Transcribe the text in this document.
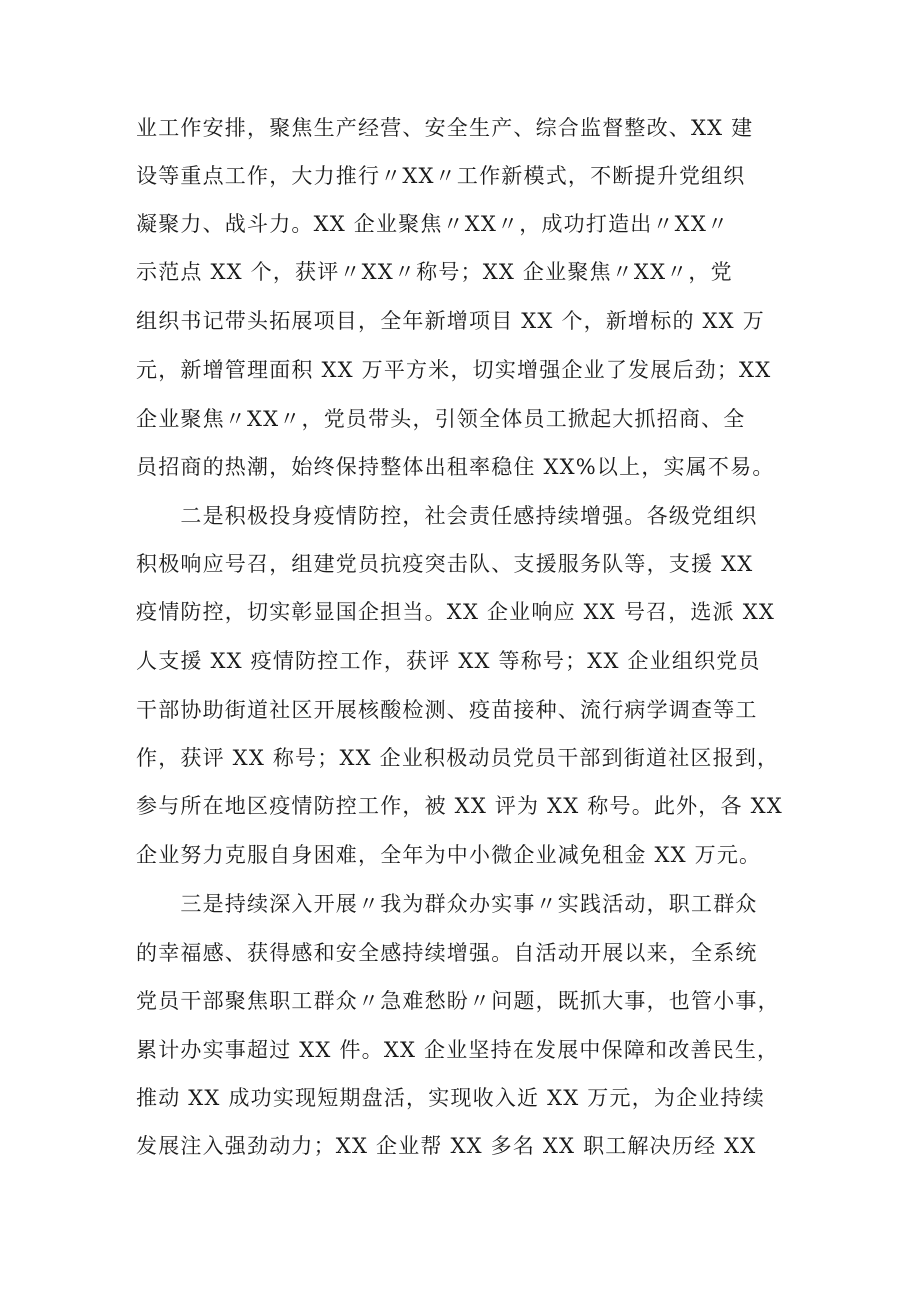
业工作安排，聚焦生产经营、安全生产、综合监督整改、XX 建
设等重点工作，大力推行〃XX〃工作新模式，不断提升党组织
凝聚力、战斗力。XX 企业聚焦〃XX〃，成功打造出〃XX〃
示范点 XX 个，获评〃XX〃称号；XX 企业聚焦〃XX〃，党
组织书记带头拓展项目，全年新增项目 XX 个，新增标的 XX 万
元，新增管理面积 XX 万平方米，切实增强企业了发展后劲；XX
企业聚焦〃XX〃，党员带头，引领全体员工掀起大抓招商、全
员招商的热潮，始终保持整体出租率稳住 XX%以上，实属不易。
　　二是积极投身疫情防控，社会责任感持续增强。各级党组织
积极响应号召，组建党员抗疫突击队、支援服务队等，支援 XX
疫情防控，切实彰显国企担当。XX 企业响应 XX 号召，选派 XX
人支援 XX 疫情防控工作，获评 XX 等称号；XX 企业组织党员
干部协助街道社区开展核酸检测、疫苗接种、流行病学调查等工
作，获评 XX 称号；XX 企业积极动员党员干部到街道社区报到，
参与所在地区疫情防控工作，被 XX 评为 XX 称号。此外，各 XX
企业努力克服自身困难，全年为中小微企业减免租金 XX 万元。
　　三是持续深入开展〃我为群众办实事〃实践活动，职工群众
的幸福感、获得感和安全感持续增强。自活动开展以来，全系统
党员干部聚焦职工群众〃急难愁盼〃问题，既抓大事，也管小事，
累计办实事超过 XX 件。XX 企业坚持在发展中保障和改善民生，
推动 XX 成功实现短期盘活，实现收入近 XX 万元，为企业持续
发展注入强劲动力；XX 企业帮 XX 多名 XX 职工解决历经 XX
